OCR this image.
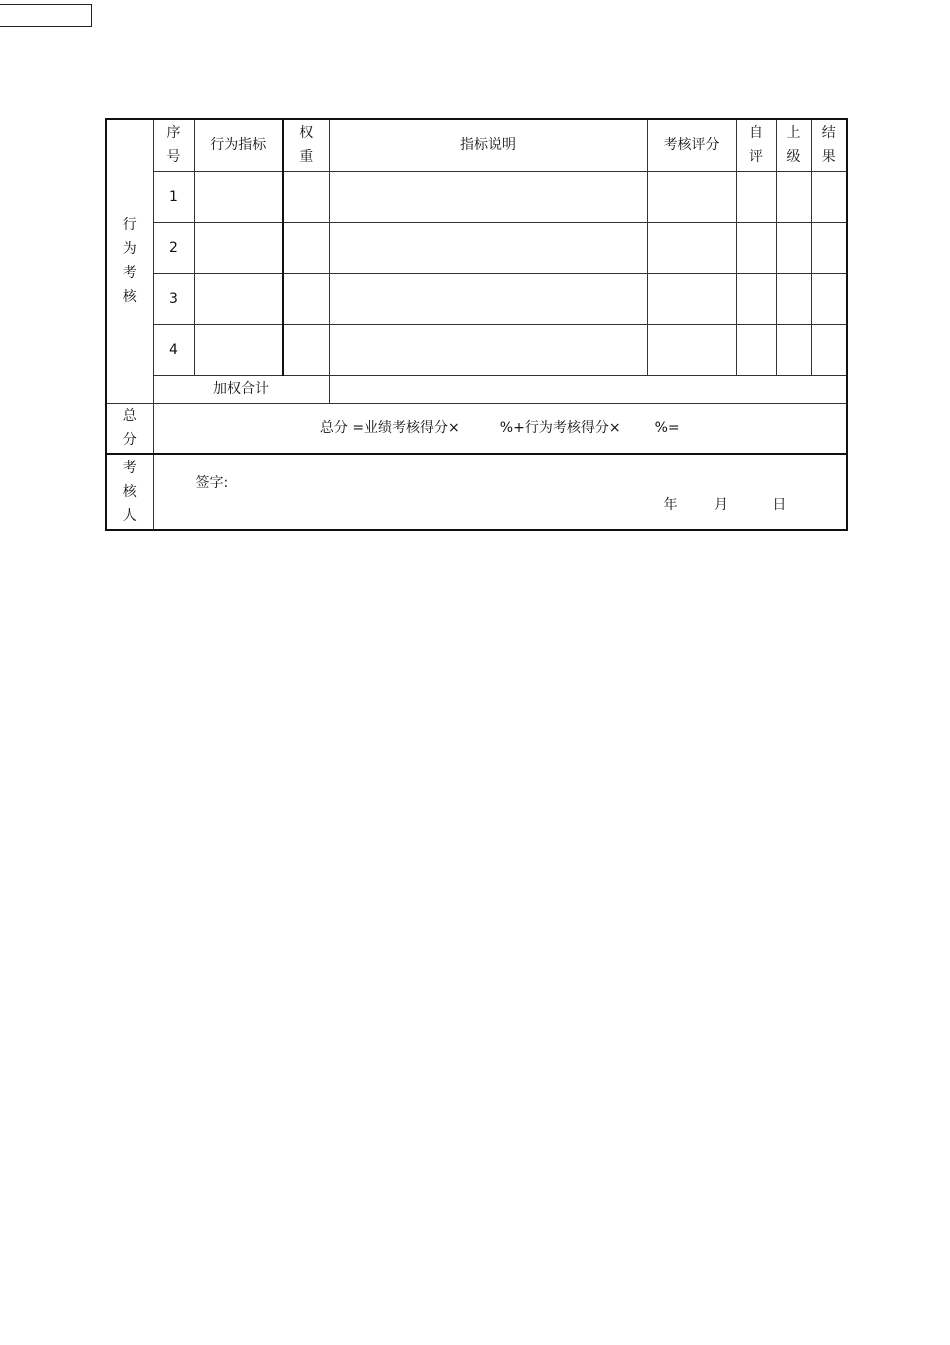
行为考核	序号	行为指标	权重	指标说明	考核评分	自评	上级	结果
	1							
	2							
	3							
	4							
	加权合计							
总分	总分 =业绩考核得分× %+行为考核得分× %=							
考核人	签字:
年 月 日							
